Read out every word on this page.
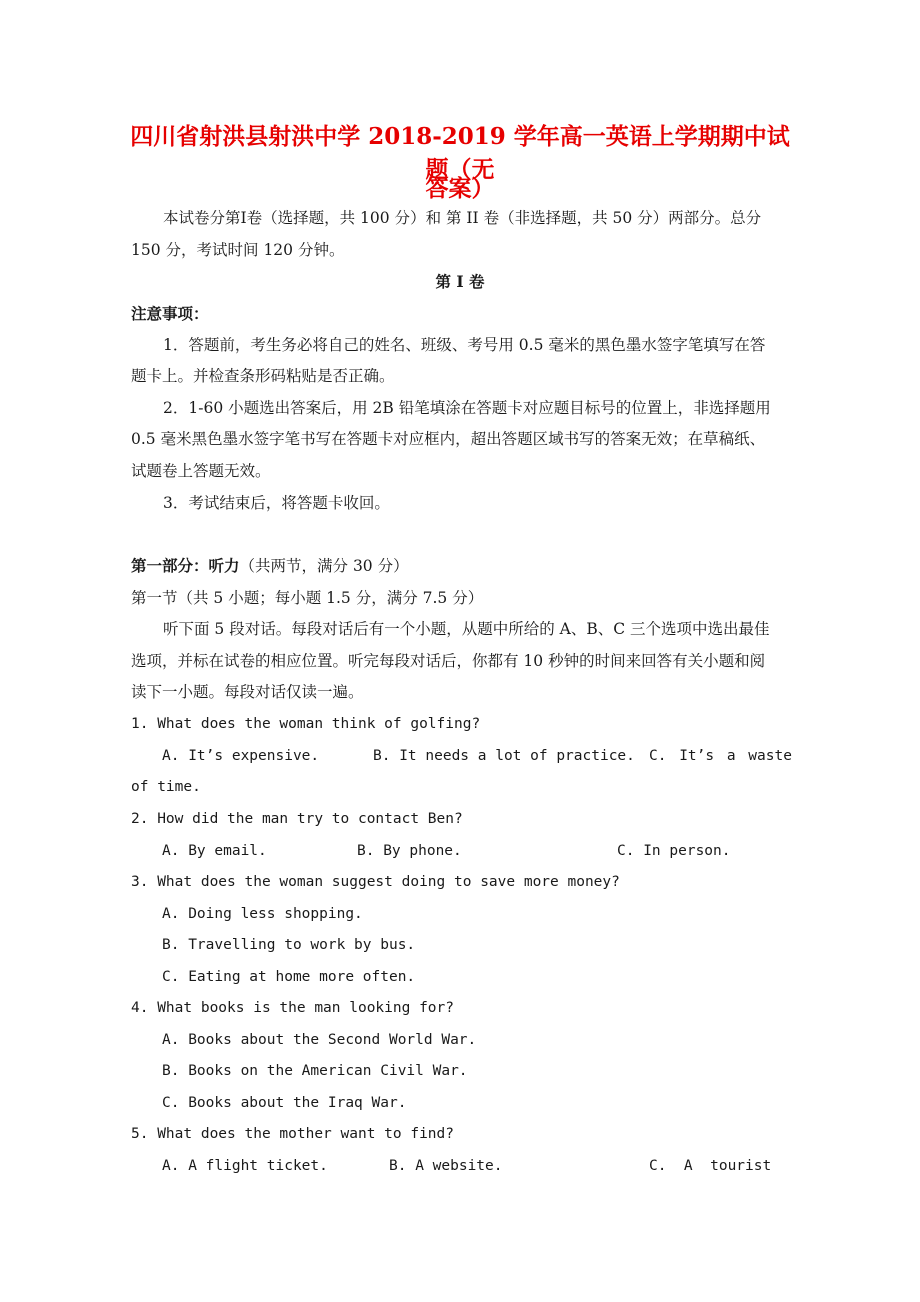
四川省射洪县射洪中学 2018-2019 学年高一英语上学期期中试题（无
答案）
本试卷分第Ⅰ卷（选择题，共 100 分）和 第 II 卷（非选择题，共 50 分）两部分。总分
150 分，考试时间 120 分钟。
第 Ⅰ 卷
注意事项：
1．答题前，考生务必将自己的姓名、班级、考号用 0.5 毫米的黑色墨水签字笔填写在答
题卡上。并检查条形码粘贴是否正确。
2．1-60 小题选出答案后，用 2B 铅笔填涂在答题卡对应题目标号的位置上，非选择题用
0.5 毫米黑色墨水签字笔书写在答题卡对应框内，超出答题区域书写的答案无效；在草稿纸、
试题卷上答题无效。
3．考试结束后，将答题卡收回。
第一部分：听力（共两节，满分 30 分）
第一节（共 5 小题；每小题 1.5 分，满分 7.5 分）
听下面 5 段对话。每段对话后有一个小题，从题中所给的 A、B、C 三个选项中选出最佳
选项，并标在试卷的相应位置。听完每段对话后，你都有 10 秒钟的时间来回答有关小题和阅
读下一小题。每段对话仅读一遍。
1. What does the woman think of golfing?
A. It’s expensive.	B. It needs a lot of practice. C. It’s a waste
of time.
2. How did the man try to contact Ben?
A. By email.	B. By phone.	C. In person.
3. What does the woman suggest doing to save more money?
A. Doing less shopping.
B. Travelling to work by bus.
C. Eating at home more often.
4. What books is the man looking for?
A. Books about the Second World War.
B. Books on the American Civil War.
C. Books about the Iraq War.
5. What does the mother want to find?
A. A flight ticket.	B. A website.	C.  A  tourist
